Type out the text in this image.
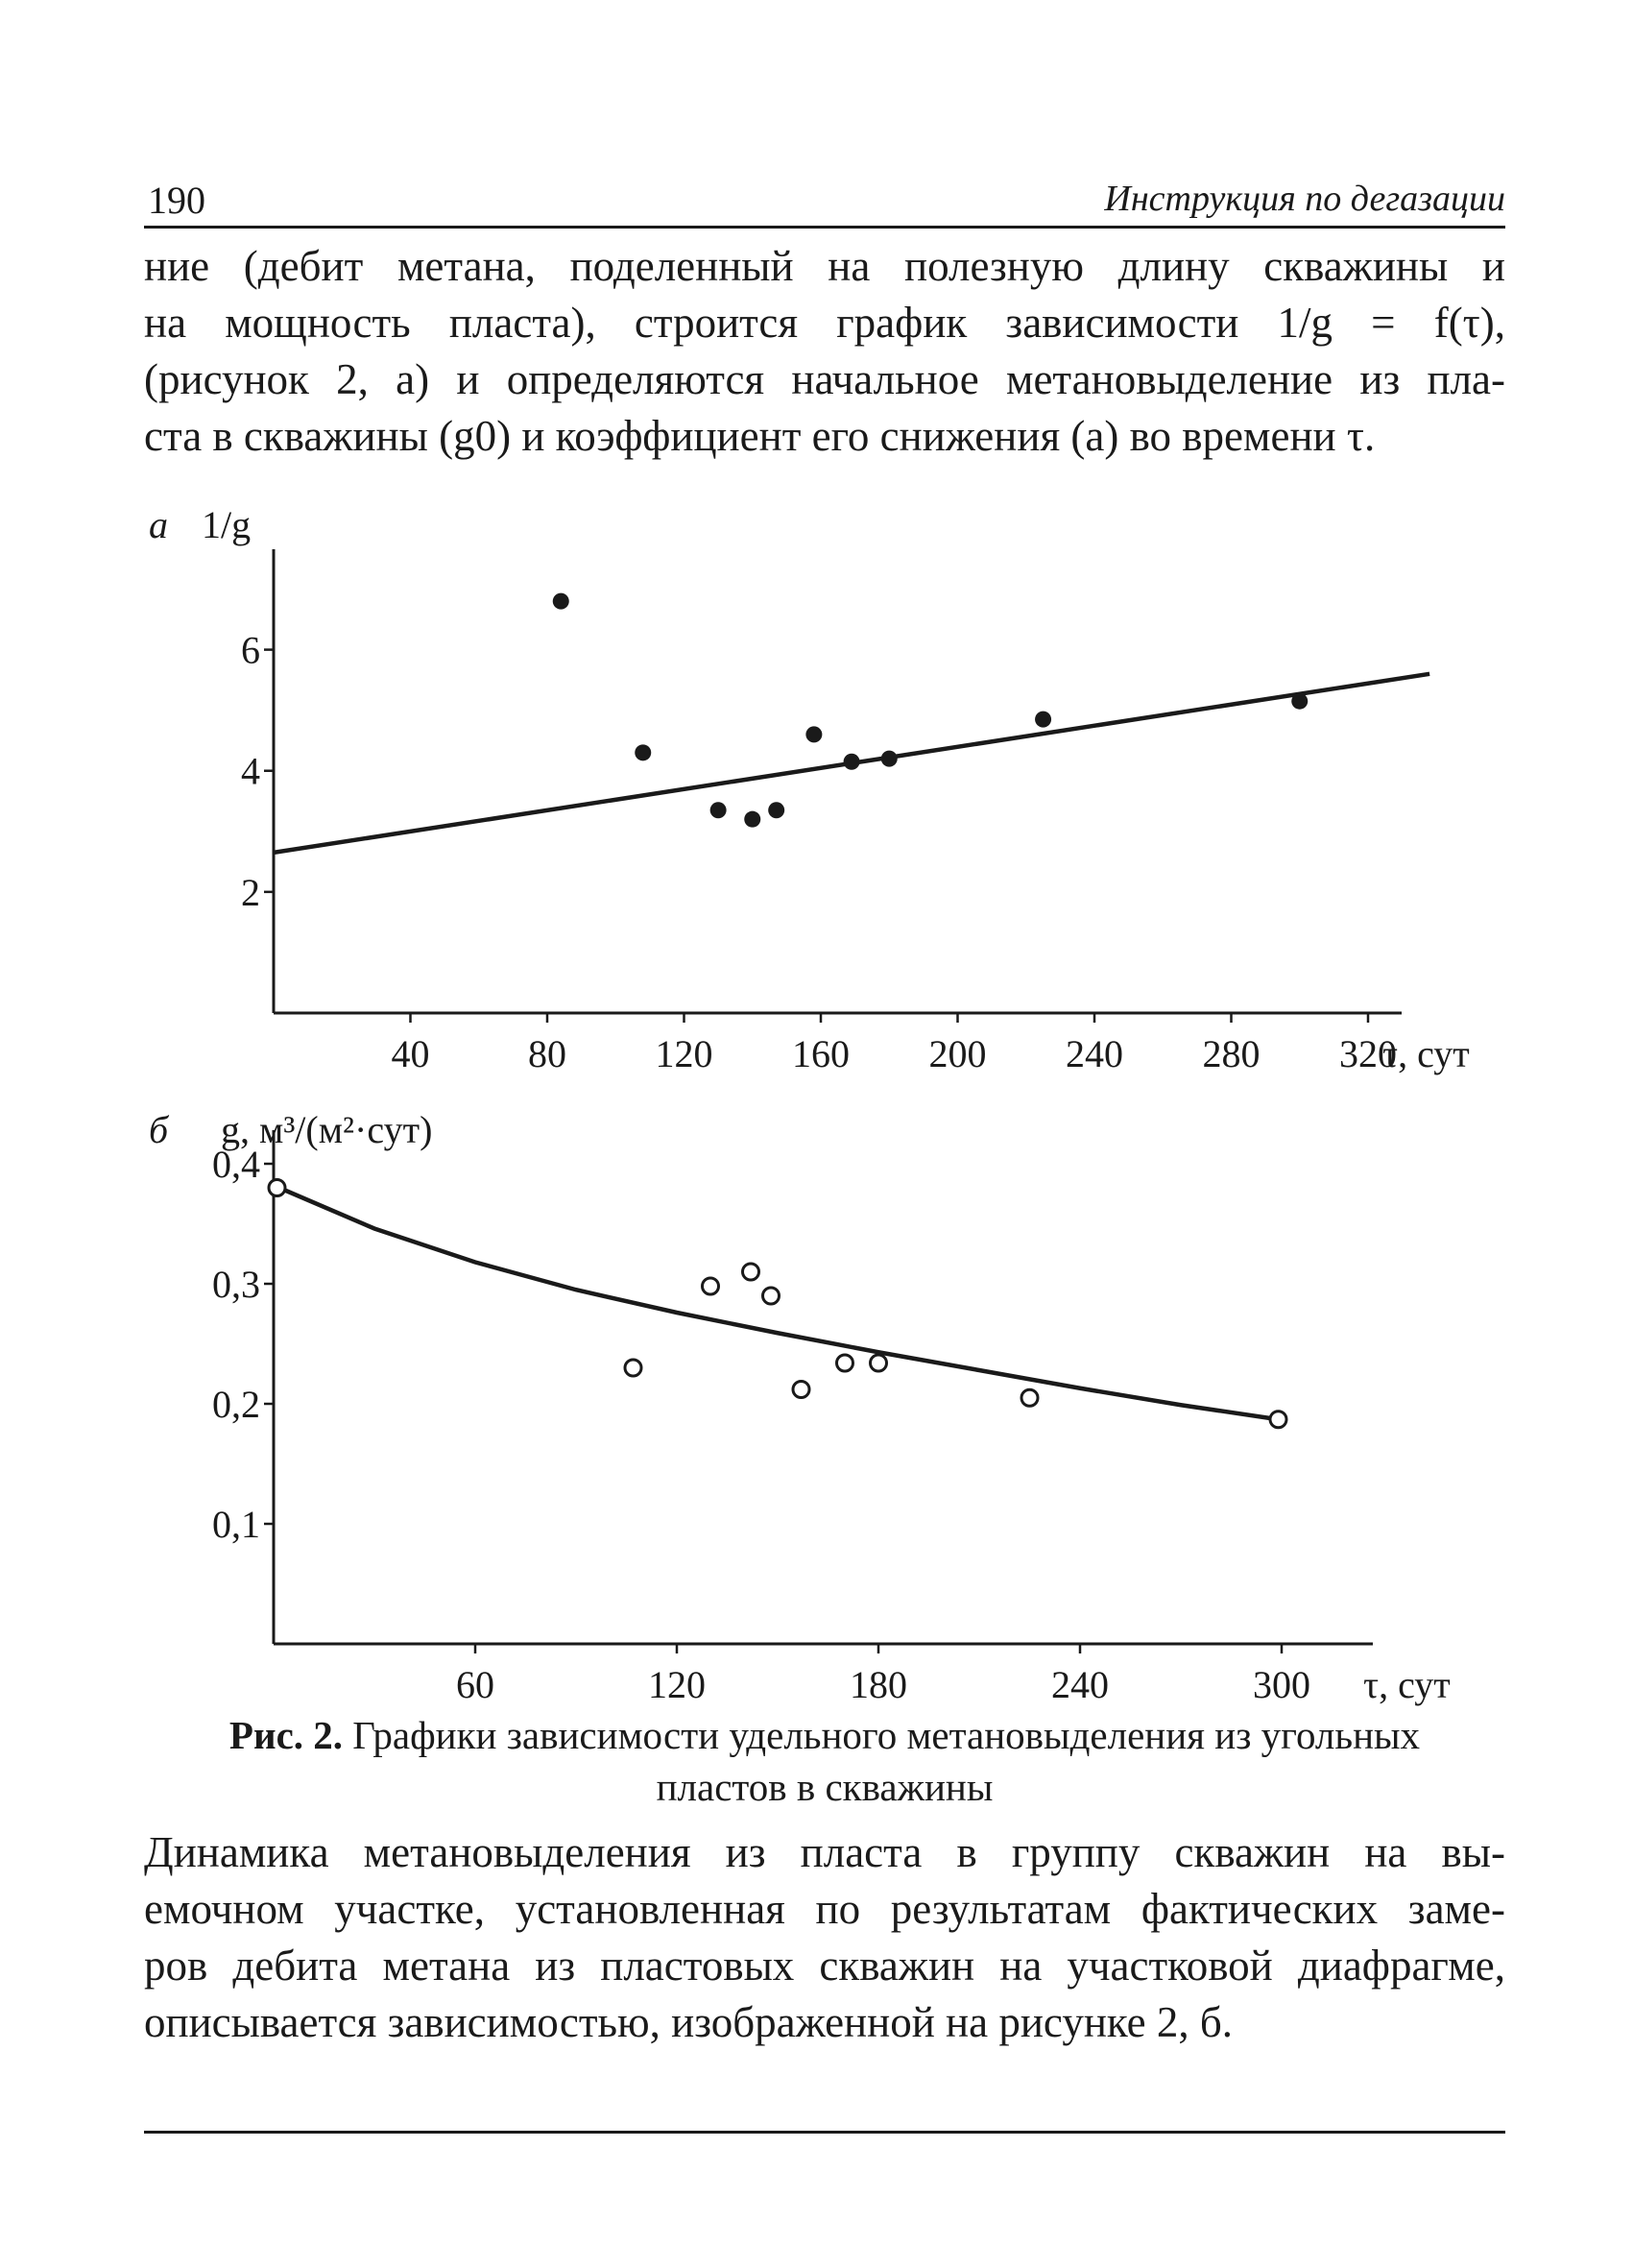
190	Инструкция по дегазации
ние (дебит метана, поделенный на полезную длину скважины и
на мощность пласта), строится график зависимости 1/g = f(τ),
(рисунок 2, а) и определяются начальное метановыделение из пла-
ста в скважины (g0) и коэффициент его снижения (a) во времени τ.
а 1/g
2
4
6
40	80 120 160 200 240 280 320
τ, сут
б g, м³/(м²·сут)
0,1
0,2
0,3
0,4
60	120	180	240	300 τ, сут
Рис. 2. Графики зависимости удельного метановыделения из угольных
пластов в скважины
Динамика метановыделения из пласта в группу скважин на вы-
емочном участке, установленная по результатам фактических заме-
ров дебита метана из пластовых скважин на участковой диафрагме,
описывается зависимостью, изображенной на рисунке 2, б.
